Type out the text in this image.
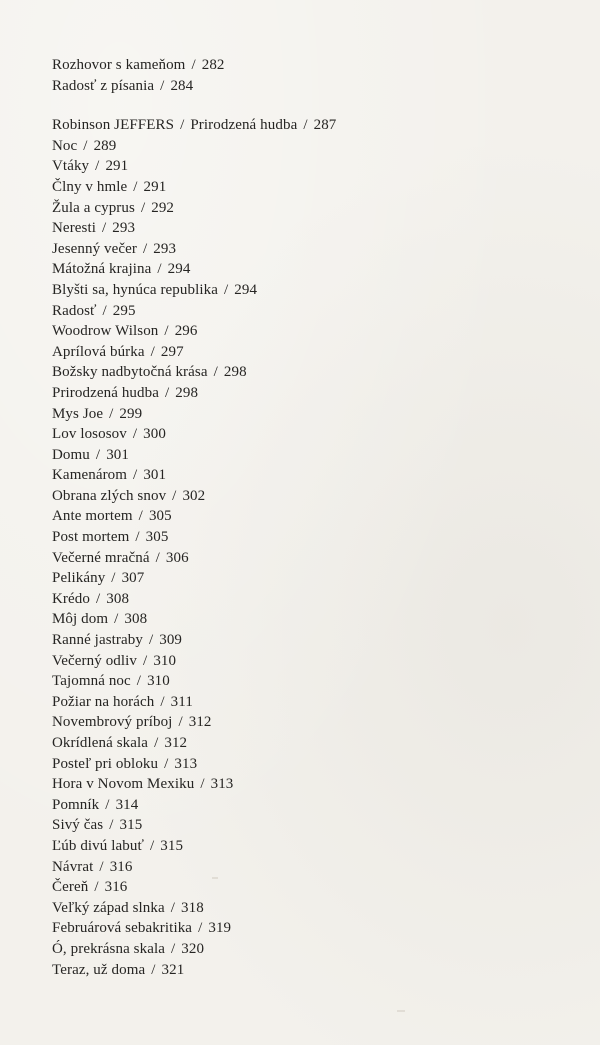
Rozhovor s kameňom / 282
Radosť z písania / 284
Robinson JEFFERS / Prirodzená hudba / 287
Noc / 289
Vtáky / 291
Člny v hmle / 291
Žula a cyprus / 292
Neresti / 293
Jesenný večer / 293
Mátožná krajina / 294
Blyšti sa, hynúca republika / 294
Radosť / 295
Woodrow Wilson / 296
Aprílová búrka / 297
Božsky nadbytočná krása / 298
Prirodzená hudba / 298
Mys Joe / 299
Lov lososov / 300
Domu / 301
Kamenárom / 301
Obrana zlých snov / 302
Ante mortem / 305
Post mortem / 305
Večerné mračná / 306
Pelikány / 307
Krédo / 308
Môj dom / 308
Ranné jastraby / 309
Večerný odliv / 310
Tajomná noc / 310
Požiar na horách / 311
Novembrový príboj / 312
Okrídlená skala / 312
Posteľ pri obloku / 313
Hora v Novom Mexiku / 313
Pomník / 314
Sivý čas / 315
Ľúb divú labuť / 315
Návrat / 316
Čereň / 316
Veľký západ slnka / 318
Februárová sebakritika / 319
Ó, prekrásna skala / 320
Teraz, už doma / 321
